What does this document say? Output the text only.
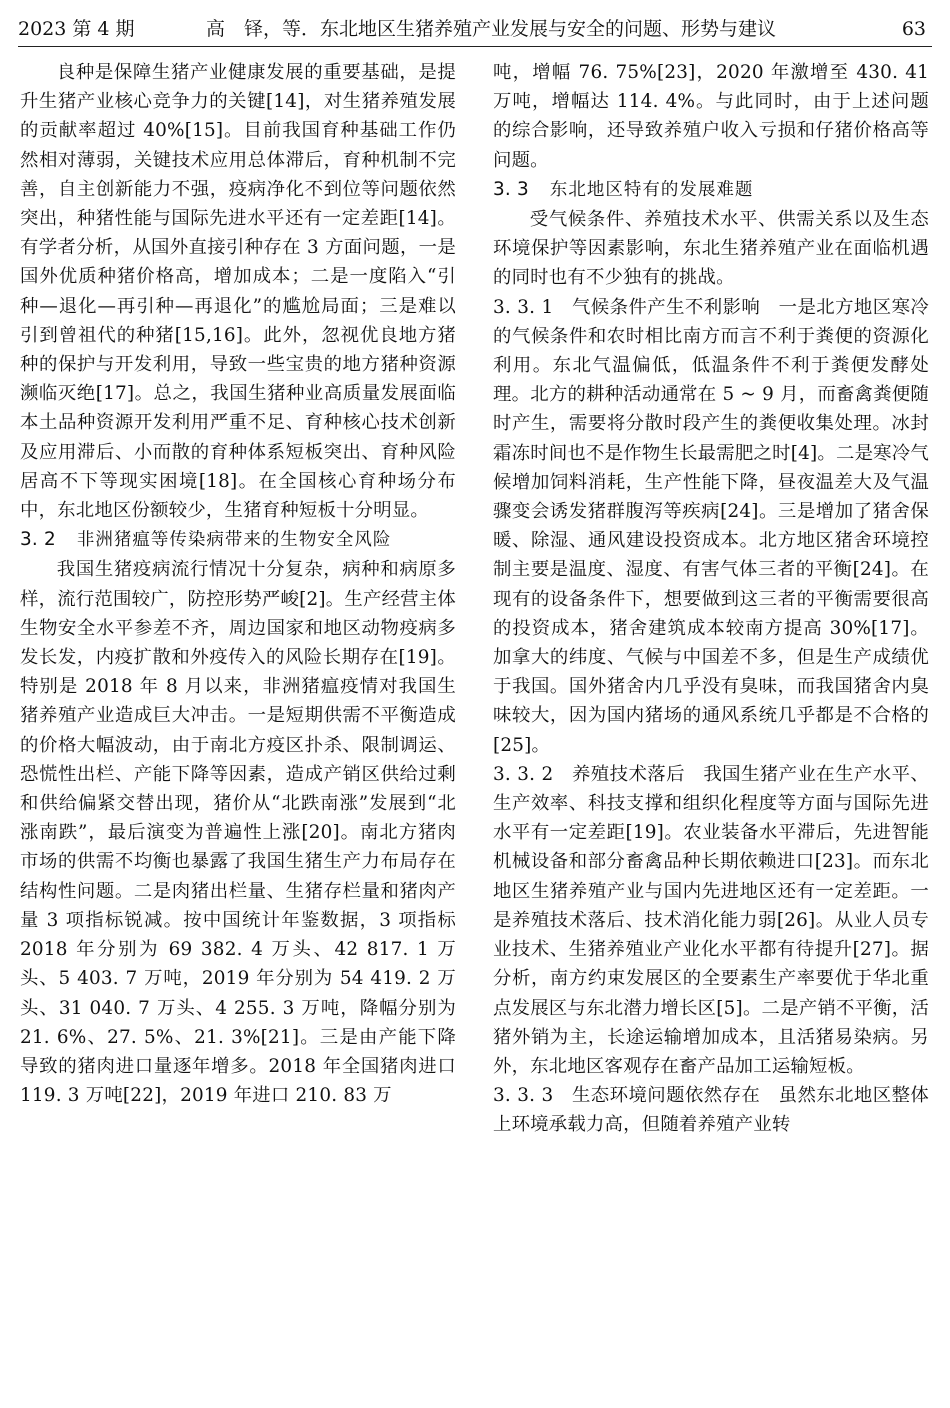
2023 第 4 期	高　铎，等．东北地区生猪养殖产业发展与安全的问题、形势与建议	63

良种是保障生猪产业健康发展的重要基础，是提升生猪产业核心竞争力的关键[14]，对生猪养殖发展的贡献率超过 40%[15]。目前我国育种基础工作仍然相对薄弱，关键技术应用总体滞后，育种机制不完善，自主创新能力不强，疫病净化不到位等问题依然突出，种猪性能与国际先进水平还有一定差距[14]。有学者分析，从国外直接引种存在 3 方面问题，一是国外优质种猪价格高，增加成本；二是一度陷入“引种—退化—再引种—再退化”的尴尬局面；三是难以引到曾祖代的种猪[15,16]。此外，忽视优良地方猪种的保护与开发利用，导致一些宝贵的地方猪种资源濒临灭绝[17]。总之，我国生猪种业高质量发展面临本土品种资源开发利用严重不足、育种核心技术创新及应用滞后、小而散的育种体系短板突出、育种风险居高不下等现实困境[18]。在全国核心育种场分布中，东北地区份额较少，生猪育种短板十分明显。

3. 2 非洲猪瘟等传染病带来的生物安全风险

我国生猪疫病流行情况十分复杂，病种和病原多样，流行范围较广，防控形势严峻[2]。生产经营主体生物安全水平参差不齐，周边国家和地区动物疫病多发长发，内疫扩散和外疫传入的风险长期存在[19]。特别是 2018 年 8 月以来，非洲猪瘟疫情对我国生猪养殖产业造成巨大冲击。一是短期供需不平衡造成的价格大幅波动，由于南北方疫区扑杀、限制调运、恐慌性出栏、产能下降等因素，造成产销区供给过剩和供给偏紧交替出现，猪价从“北跌南涨”发展到“北涨南跌”，最后演变为普遍性上涨[20]。南北方猪肉市场的供需不均衡也暴露了我国生猪生产力布局存在结构性问题。二是肉猪出栏量、生猪存栏量和猪肉产量 3 项指标锐减。按中国统计年鉴数据，3 项指标 2018 年分别为 69 382. 4 万头、42 817. 1 万头、5 403. 7 万吨，2019 年分别为 54 419. 2 万头、31 040. 7 万头、4 255. 3 万吨，降幅分别为 21. 6%、27. 5%、21. 3%[21]。三是由产能下降导致的猪肉进口量逐年增多。2018 年全国猪肉进口 119. 3 万吨[22]，2019 年进口 210. 83 万

吨，增幅 76. 75%[23]，2020 年激增至 430. 41 万吨，增幅达 114. 4%。与此同时，由于上述问题的综合影响，还导致养殖户收入亏损和仔猪价格高等问题。

3. 3 东北地区特有的发展难题

受气候条件、养殖技术水平、供需关系以及生态环境保护等因素影响，东北生猪养殖产业在面临机遇的同时也有不少独有的挑战。

3. 3. 1 气候条件产生不利影响 一是北方地区寒冷的气候条件和农时相比南方而言不利于粪便的资源化利用。东北气温偏低，低温条件不利于粪便发酵处理。北方的耕种活动通常在 5 ~ 9 月，而畜禽粪便随时产生，需要将分散时段产生的粪便收集处理。冰封霜冻时间也不是作物生长最需肥之时[4]。二是寒冷气候增加饲料消耗，生产性能下降，昼夜温差大及气温骤变会诱发猪群腹泻等疾病[24]。三是增加了猪舍保暖、除湿、通风建设投资成本。北方地区猪舍环境控制主要是温度、湿度、有害气体三者的平衡[24]。在现有的设备条件下，想要做到这三者的平衡需要很高的投资成本，猪舍建筑成本较南方提高 30%[17]。加拿大的纬度、气候与中国差不多，但是生产成绩优于我国。国外猪舍内几乎没有臭味，而我国猪舍内臭味较大，因为国内猪场的通风系统几乎都是不合格的[25]。

3. 3. 2 养殖技术落后 我国生猪产业在生产水平、生产效率、科技支撑和组织化程度等方面与国际先进水平有一定差距[19]。农业装备水平滞后，先进智能机械设备和部分畜禽品种长期依赖进口[23]。而东北地区生猪养殖产业与国内先进地区还有一定差距。一是养殖技术落后、技术消化能力弱[26]。从业人员专业技术、生猪养殖业产业化水平都有待提升[27]。据分析，南方约束发展区的全要素生产率要优于华北重点发展区与东北潜力增长区[5]。二是产销不平衡，活猪外销为主，长途运输增加成本，且活猪易染病。另外，东北地区客观存在畜产品加工运输短板。

3. 3. 3 生态环境问题依然存在 虽然东北地区整体上环境承载力高，但随着养殖产业转
